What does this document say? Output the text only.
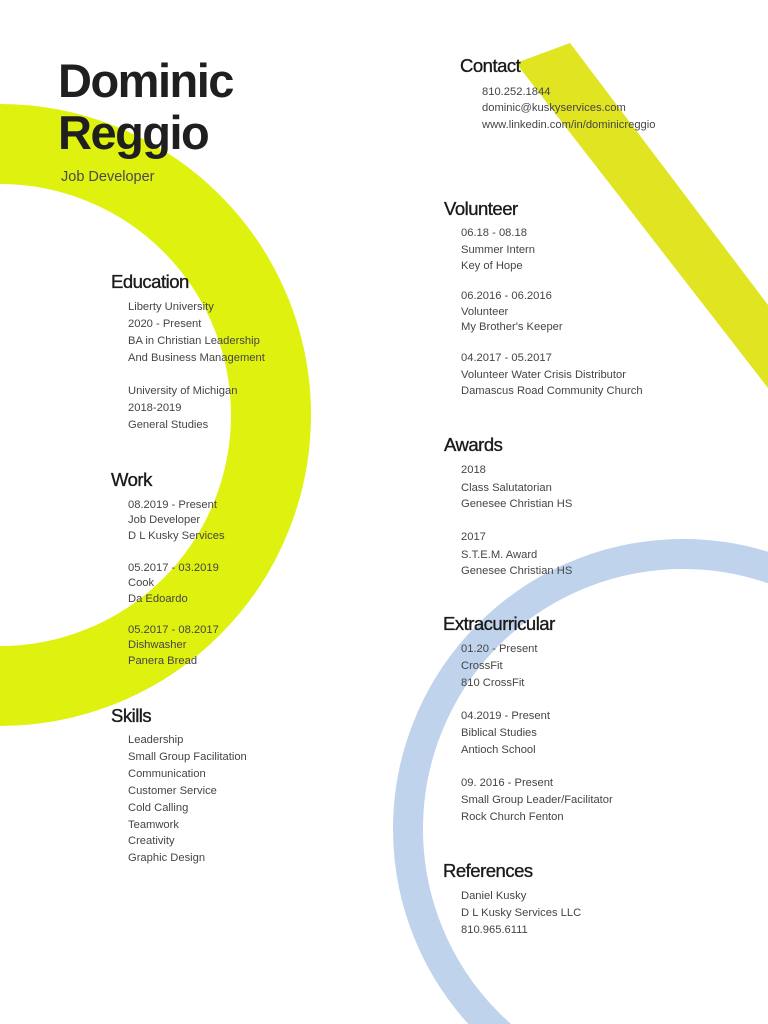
Dominic
Reggio
Job Developer
Education
Liberty University
2020 - Present
BA in Christian Leadership
And Business Management
University of Michigan
2018-2019
General Studies
Work
08.2019 - Present
Job Developer
D L Kusky Services
05.2017 - 03.2019
Cook
Da Edoardo
05.2017 - 08.2017
Dishwasher
Panera Bread
Skills
Leadership
Small Group Facilitation
Communication
Customer Service
Cold Calling
Teamwork
Creativity
Graphic Design
Contact
810.252.1844
dominic@kuskyservices.com
www.linkedin.com/in/dominicreggio
Volunteer
06.18 - 08.18
Summer Intern
Key of Hope
06.2016 - 06.2016
Volunteer
My Brother's Keeper
04.2017 - 05.2017
Volunteer Water Crisis Distributor
Damascus Road Community Church
Awards
2018
Class Salutatorian
Genesee Christian HS
2017
S.T.E.M. Award
Genesee Christian HS
Extracurricular
01.20 - Present
CrossFit
810 CrossFit
04.2019 - Present
Biblical Studies
Antioch School
09. 2016 - Present
Small Group Leader/Facilitator
Rock Church Fenton
References
Daniel Kusky
D L Kusky Services LLC
810.965.6111
